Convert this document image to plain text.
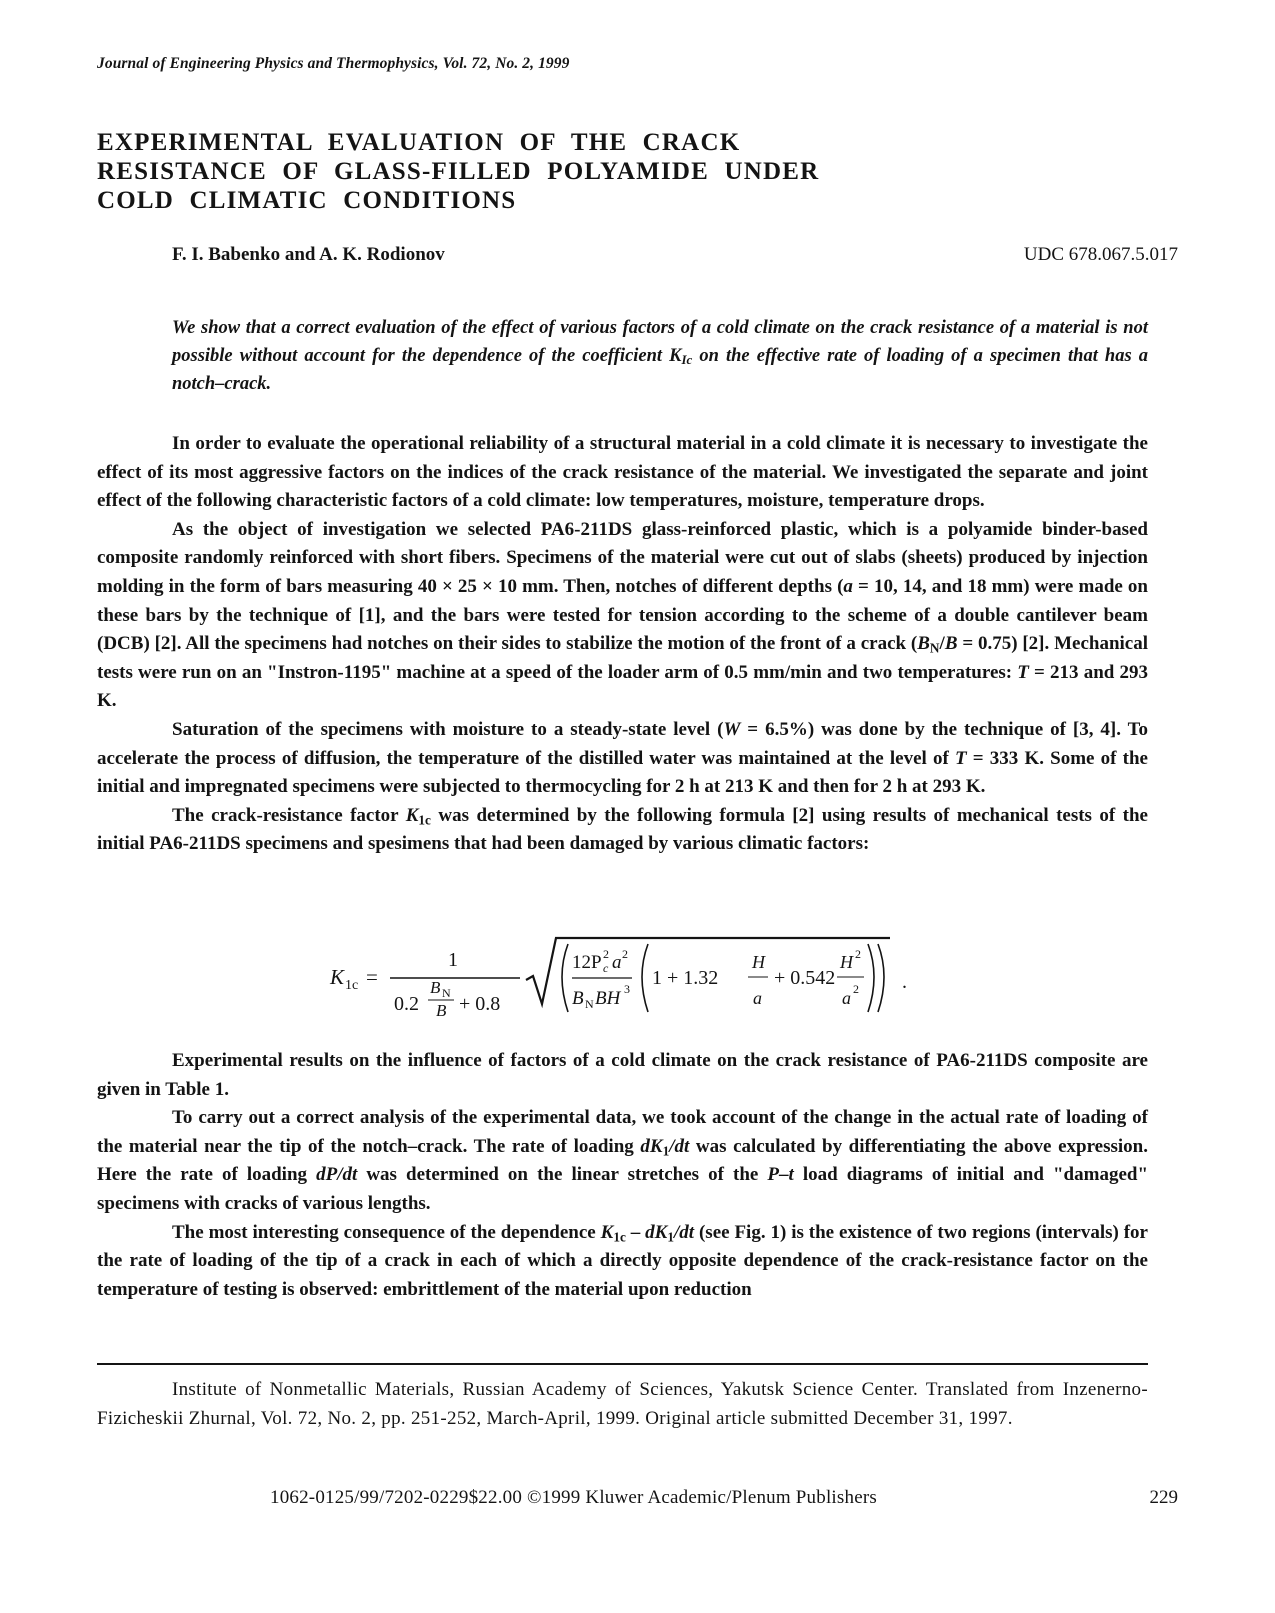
Journal of Engineering Physics and Thermophysics, Vol. 72, No. 2, 1999
EXPERIMENTAL EVALUATION OF THE CRACK
RESISTANCE OF GLASS-FILLED POLYAMIDE UNDER
COLD CLIMATIC CONDITIONS
F. I. Babenko and A. K. Rodionov	UDC 678.067.5.017
We show that a correct evaluation of the effect of various factors of a cold climate on the crack resistance of a material is not possible without account for the dependence of the coefficient $K_{Ic}$ on the effective rate of loading of a specimen that has a notch–crack.

In order to evaluate the operational reliability of a structural material in a cold climate it is necessary to investigate the effect of its most aggressive factors on the indices of the crack resistance of the material. We investigated the separate and joint effect of the following characteristic factors of a cold climate: low temperatures, moisture, temperature drops.

As the object of investigation we selected PA6-211DS glass-reinforced plastic, which is a polyamide binder-based composite randomly reinforced with short fibers. Specimens of the material were cut out of slabs (sheets) produced by injection molding in the form of bars measuring 40 × 25 × 10 mm. Then, notches of different depths (a = 10, 14, and 18 mm) were made on these bars by the technique of [1], and the bars were tested for tension according to the scheme of a double cantilever beam (DCB) [2]. All the specimens had notches on their sides to stabilize the motion of the front of a crack $(B_N/B = 0.75)$ [2]. Mechanical tests were run on an "Instron-1195" machine at a speed of the loader arm of 0.5 mm/min and two temperatures: T = 213 and 293 K.

Saturation of the specimens with moisture to a steady-state level (W = 6.5%) was done by the technique of [3, 4]. To accelerate the process of diffusion, the temperature of the distilled water was maintained at the level of T = 333 K. Some of the initial and impregnated specimens were subjected to thermocycling for 2 h at 213 K and then for 2 h at 293 K.

The crack-resistance factor $K_{1c}$ was determined by the following formula [2] using results of mechanical tests of the initial PA6-211DS specimens and spesimens that had been damaged by various climatic factors:

K 1c =
1
0.2
B N
B + 0.8
12P c
2 a 2
B N BH 3 1 + 1.32
H
a
+ 0.542
H 2
a 2 .

Experimental results on the influence of factors of a cold climate on the crack resistance of PA6-211DS composite are given in Table 1.

To carry out a correct analysis of the experimental data, we took account of the change in the actual rate of loading of the material near the tip of the notch–crack. The rate of loading $dK_1/dt$ was calculated by differentiating the above expression. Here the rate of loading dP/dt was determined on the linear stretches of the P–t load diagrams of initial and "damaged" specimens with cracks of various lengths.

The most interesting consequence of the dependence $K_{1c} - dK_1/dt$ (see Fig. 1) is the existence of two regions (intervals) for the rate of loading of the tip of a crack in each of which a directly opposite dependence of the crack-resistance factor on the temperature of testing is observed: embrittlement of the material upon reduction

Institute of Nonmetallic Materials, Russian Academy of Sciences, Yakutsk Science Center. Translated from Inzenerno-Fizicheskii Zhurnal, Vol. 72, No. 2, pp. 251-252, March-April, 1999. Original article submitted December 31, 1997.
1062-0125/99/7202-0229$22.00 ©1999 Kluwer Academic/Plenum Publishers	229
